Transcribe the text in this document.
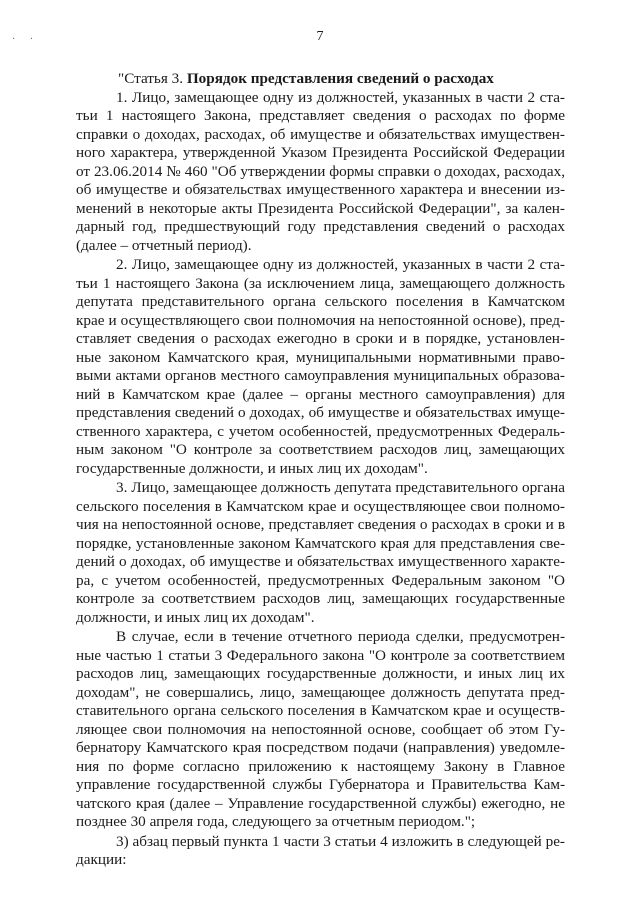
· ·	7
"Статья 3. Порядок представления сведений о расходах
1. Лицо, замещающее одну из должностей, указанных в части 2 ста-
тьи 1 настоящего Закона, представляет сведения о расходах по форме
справки о доходах, расходах, об имуществе и обязательствах имуществен-
ного характера, утвержденной Указом Президента Российской Федерации
от 23.06.2014 № 460 "Об утверждении формы справки о доходах, расходах,
об имуществе и обязательствах имущественного характера и внесении из-
менений в некоторые акты Президента Российской Федерации", за кален-
дарный год, предшествующий году представления сведений о расходах
(далее – отчетный период).
2. Лицо, замещающее одну из должностей, указанных в части 2 ста-
тьи 1 настоящего Закона (за исключением лица, замещающего должность
депутата представительного органа сельского поселения в Камчатском
крае и осуществляющего свои полномочия на непостоянной основе), пред-
ставляет сведения о расходах ежегодно в сроки и в порядке, установлен-
ные законом Камчатского края, муниципальными нормативными право-
выми актами органов местного самоуправления муниципальных образова-
ний в Камчатском крае (далее – органы местного самоуправления) для
представления сведений о доходах, об имуществе и обязательствах имуще-
ственного характера, с учетом особенностей, предусмотренных Федераль-
ным законом "О контроле за соответствием расходов лиц, замещающих
государственные должности, и иных лиц их доходам".
3. Лицо, замещающее должность депутата представительного органа
сельского поселения в Камчатском крае и осуществляющее свои полномо-
чия на непостоянной основе, представляет сведения о расходах в сроки и в
порядке, установленные законом Камчатского края для представления све-
дений о доходах, об имуществе и обязательствах имущественного характе-
ра, с учетом особенностей, предусмотренных Федеральным законом "О
контроле за соответствием расходов лиц, замещающих государственные
должности, и иных лиц их доходам".
В случае, если в течение отчетного периода сделки, предусмотрен-
ные частью 1 статьи 3 Федерального закона "О контроле за соответствием
расходов лиц, замещающих государственные должности, и иных лиц их
доходам", не совершались, лицо, замещающее должность депутата пред-
ставительного органа сельского поселения в Камчатском крае и осуществ-
ляющее свои полномочия на непостоянной основе, сообщает об этом Гу-
бернатору Камчатского края посредством подачи (направления) уведомле-
ния по форме согласно приложению к настоящему Закону в Главное
управление государственной службы Губернатора и Правительства Кам-
чатского края (далее – Управление государственной службы) ежегодно, не
позднее 30 апреля года, следующего за отчетным периодом.";
3) абзац первый пункта 1 части 3 статьи 4 изложить в следующей ре-
дакции:
